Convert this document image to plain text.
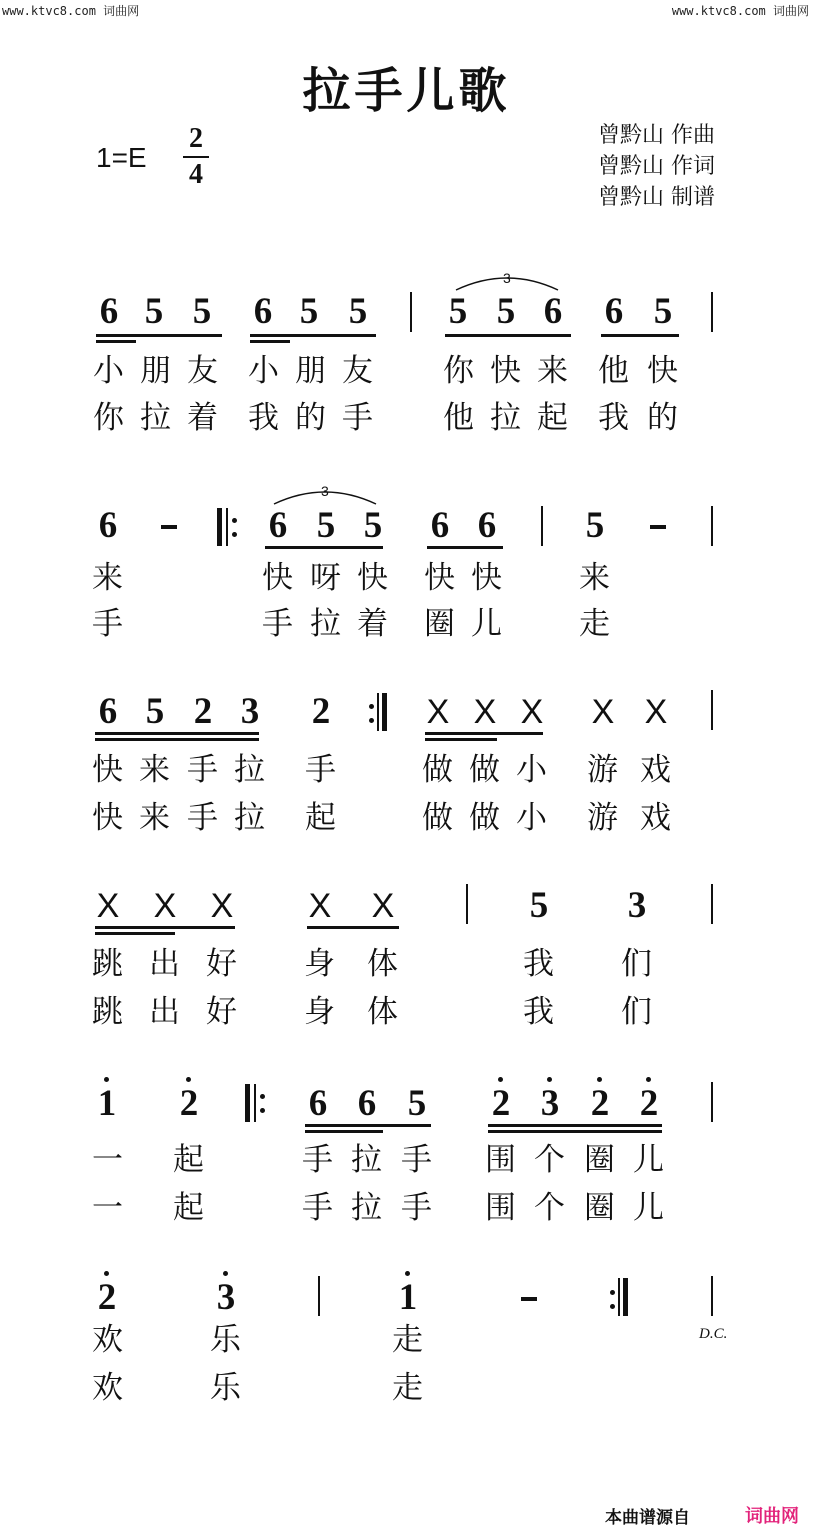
www.ktvc8.com 词曲网	www.ktvc8.com 词曲网
拉手儿歌
1=E
2
4
曾黔山 作曲
曾黔山 作词
曾黔山 制谱
6 5 5 6 5 5 5 5 6 6 5
3
小 朋 友 小 朋 友 你 快 来 他 快
你 拉 着 我 的 手 他 拉 起 我 的
6	6 5 5 6 6 5
3
来	快 呀 快 快 快 来
手	手 拉 着 圈 儿 走
6 5 2 3 2	X X X X X
快 来 手 拉 手	做 做 小 游 戏
快 来 手 拉 起	做 做 小 游 戏
X X X X X	5 3
跳 出 好 身 体	我 们
跳 出 好 身 体	我 们
1 2	6 6 5 2 3 2 2
一 起	手 拉 手 围 个 圈 儿
一 起	手 拉 手 围 个 圈 儿
2	3	1
D.C.
欢	乐	走
欢	乐	走
本曲谱源自	词曲网
